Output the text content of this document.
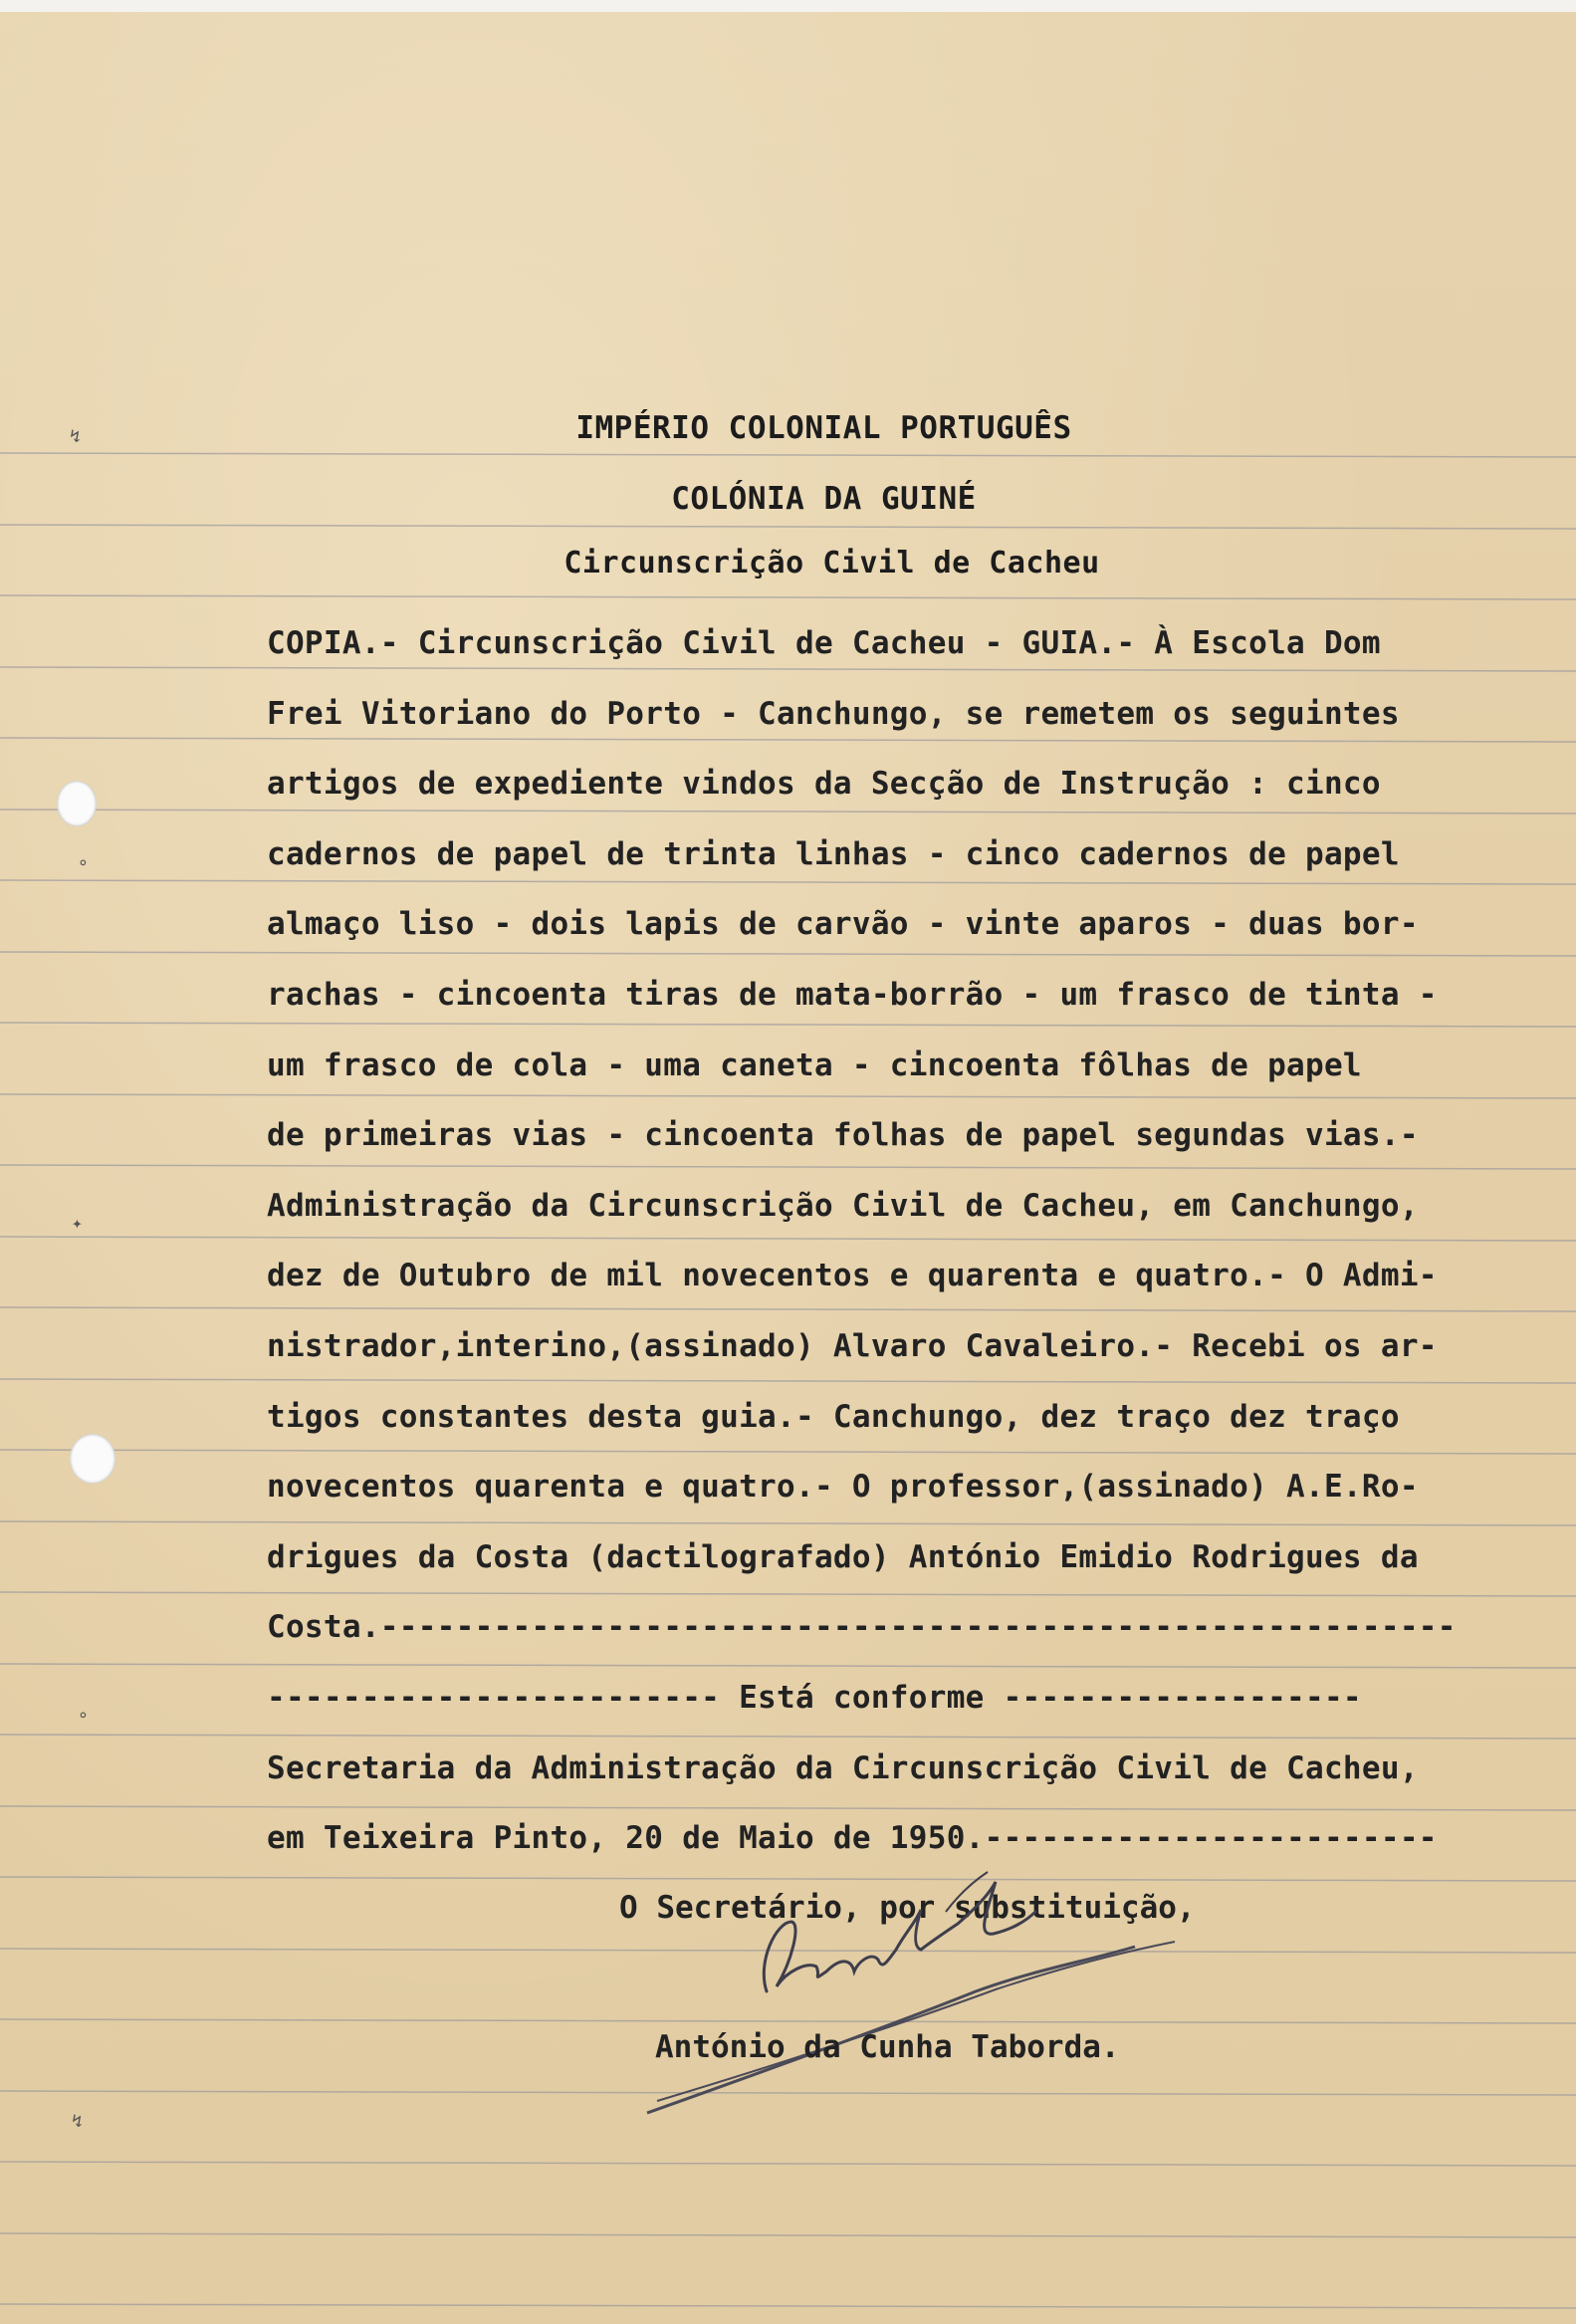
↯
∘
✦
∘
↯
IMPÉRIO COLONIAL PORTUGUÊS
COLÓNIA DA GUINÉ
Circunscrição Civil de Cacheu
COPIA.- Circunscrição Civil de Cacheu - GUIA.- À Escola Dom
Frei Vitoriano do Porto - Canchungo, se remetem os seguintes
artigos de expediente vindos da Secção de Instrução : cinco
cadernos de papel de trinta linhas - cinco cadernos de papel
almaço liso - dois lapis de carvão - vinte aparos - duas bor-
rachas - cincoenta tiras de mata-borrão - um frasco de tinta -
um frasco de cola - uma caneta - cincoenta fôlhas de papel
de primeiras vias - cincoenta folhas de papel segundas vias.-
Administração da Circunscrição Civil de Cacheu, em Canchungo,
dez de Outubro de mil novecentos e quarenta e quatro.- O Admi-
nistrador,interino,(assinado) Alvaro Cavaleiro.- Recebi os ar-
tigos constantes desta guia.- Canchungo, dez traço dez traço
novecentos quarenta e quatro.- O professor,(assinado) A.E.Ro-
drigues da Costa (dactilografado) António Emidio Rodrigues da
Costa.---------------------------------------------------------
------------------------ Está conforme -------------------
Secretaria da Administração da Circunscrição Civil de Cacheu,
em Teixeira Pinto, 20 de Maio de 1950.------------------------
O Secretário, por substituição,
António da Cunha Taborda.
